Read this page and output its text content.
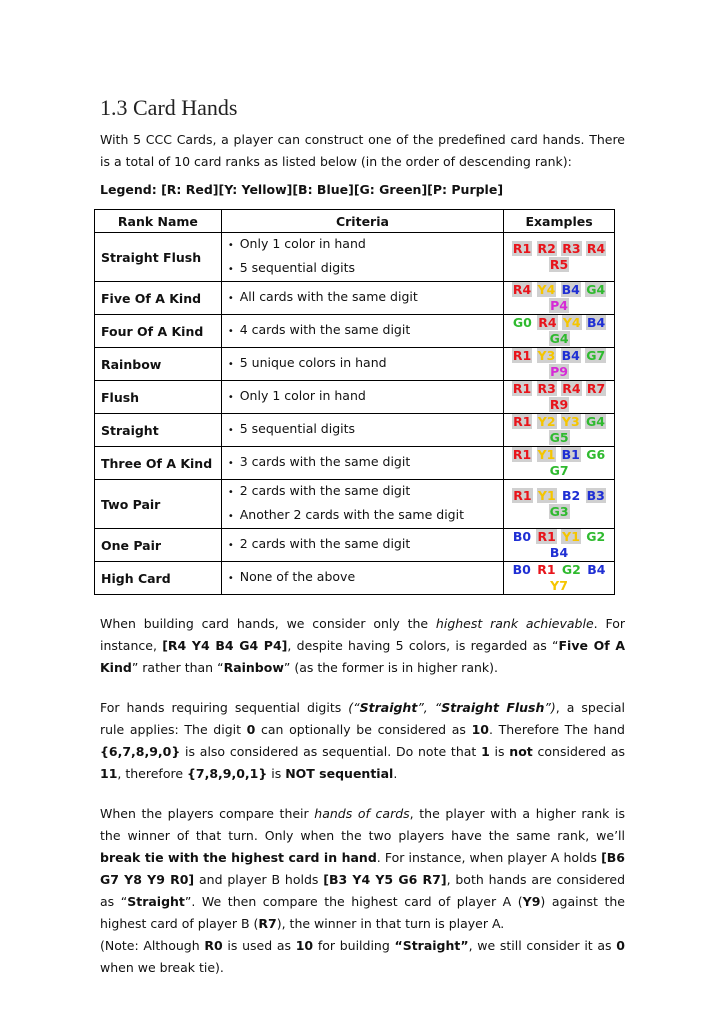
1.3 Card Hands

With 5 CCC Cards, a player can construct one of the predefined card hands. There is a total of 10 card ranks as listed below (in the order of descending rank):

Legend: [R: Red][Y: Yellow][B: Blue][G: Green][P: Purple]
Rank Name	Criteria	Examples
Straight Flush	• Only 1 color in hand
• 5 sequential digits	R1 R2 R3 R4 R5
Five Of A Kind	• All cards with the same digit	R4 Y4 B4 G4 P4
Four Of A Kind	• 4 cards with the same digit	G0 R4 Y4 B4 G4
Rainbow	• 5 unique colors in hand	R1 Y3 B4 G7 P9
Flush	• Only 1 color in hand	R1 R3 R4 R7 R9
Straight	• 5 sequential digits	R1 Y2 Y3 G4 G5
Three Of A Kind	• 3 cards with the same digit	R1 Y1 B1 G6 G7
Two Pair	• 2 cards with the same digit
• Another 2 cards with the same digit	R1 Y1 B2 B3 G3
One Pair	• 2 cards with the same digit	B0 R1 Y1 G2 B4
High Card	• None of the above	B0 R1 G2 B4 Y7

When building card hands, we consider only the highest rank achievable. For instance, [R4 Y4 B4 G4 P4], despite having 5 colors, is regarded as “Five Of A Kind” rather than “Rainbow” (as the former is in higher rank).

For hands requiring sequential digits (“Straight”, “Straight Flush”), a special rule applies: The digit 0 can optionally be considered as 10. Therefore The hand {6,7,8,9,0} is also considered as sequential. Do note that 1 is not considered as 11, therefore {7,8,9,0,1} is NOT sequential.

When the players compare their hands of cards, the player with a higher rank is the winner of that turn. Only when the two players have the same rank, we’ll break tie with the highest card in hand. For instance, when player A holds [B6 G7 Y8 Y9 R0] and player B holds [B3 Y4 Y5 G6 R7], both hands are considered as “Straight”. We then compare the highest card of player A (Y9) against the highest card of player B (R7), the winner in that turn is player A.

(Note: Although R0 is used as 10 for building “Straight”, we still consider it as 0 when we break tie).
